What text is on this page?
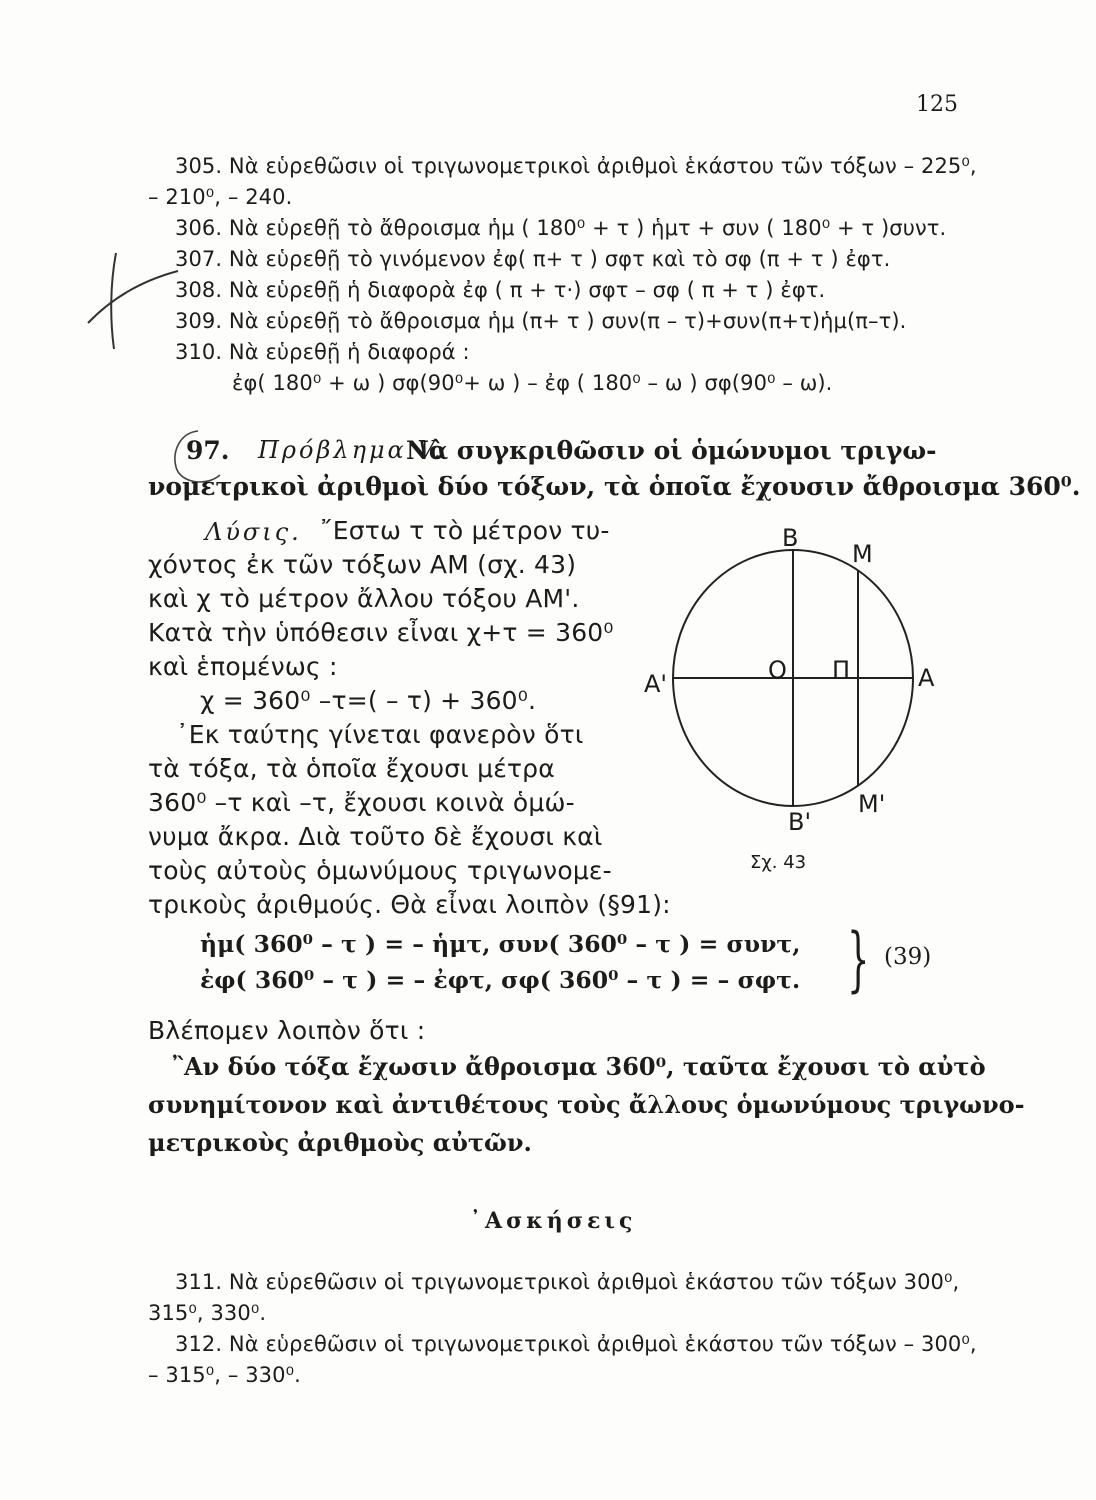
125
305. Νὰ εὑρεθῶσιν οἱ τριγωνομετρικοὶ ἀριθμοὶ ἑκάστου τῶν τόξων – 225⁰,
– 210⁰, – 240.
306. Νὰ εὑρεθῇ τὸ ἄθροισμα ἡμ ( 180⁰ + τ ) ἡμτ + συν ( 180⁰ + τ )συντ.
307. Νὰ εὑρεθῇ τὸ γινόμενον ἐφ( π+ τ ) σφτ καὶ τὸ σφ (π + τ ) ἐφτ.
308. Νὰ εὑρεθῇ ἡ διαφορὰ ἐφ ( π + τ·) σφτ – σφ ( π + τ ) ἐφτ.
309. Νὰ εὑρεθῇ τὸ ἄθροισμα ἡμ (π+ τ ) συν(π – τ)+συν(π+τ)ἡμ(π–τ).
310. Νὰ εὑρεθῇ ἡ διαφορά :
ἐφ( 180⁰ + ω ) σφ(90⁰+ ω ) – ἐφ ( 180⁰ – ω ) σφ(90⁰ – ω).
97. Πρόβλημα V.
Νὰ συγκριθῶσιν οἱ ὁμώνυμοι τριγω-
νομετρικοὶ ἀριθμοὶ δύο τόξων, τὰ ὁποῖα ἔχουσιν ἄθροισμα 360⁰.
Λύσις. ῎Εστω τ τὸ μέτρον τυ-
χόντος ἐκ τῶν τόξων ΑΜ (σχ. 43)
καὶ χ τὸ μέτρον ἄλλου τόξου ΑΜ'.
Κατὰ τὴν ὑπόθεσιν εἶναι χ+τ = 360⁰
καὶ ἑπομένως :
χ = 360⁰ –τ=( – τ) + 360⁰.
᾿Εκ ταύτης γίνεται φανερὸν ὅτι
τὰ τόξα, τὰ ὁποῖα ἔχουσι μέτρα
360⁰ –τ καὶ –τ, ἔχουσι κοινὰ ὁμώ-
νυμα ἄκρα. Διὰ τοῦτο δὲ ἔχουσι καὶ
τοὺς αὐτοὺς ὁμωνύμους τριγωνομε-
τρικοὺς ἀριθμούς. Θὰ εἶναι λοιπὸν (§91):
Β
Μ
Ο Π	Α
Α'
Β'
Μ'
Σχ. 43
ἡμ( 360⁰ – τ ) = – ἡμτ, συν( 360⁰ – τ ) = συντ,
ἐφ( 360⁰ – τ ) = – ἐφτ, σφ( 360⁰ – τ ) = – σφτ. } (39)
Βλέπομεν λοιπὸν ὅτι :
῍Αν δύο τόξα ἔχωσιν ἄθροισμα 360⁰, ταῦτα ἔχουσι τὸ αὐτὸ
συνημίτονον καὶ ἀντιθέτους τοὺς ἄλλους ὁμωνύμους τριγωνο-
μετρικοὺς ἀριθμοὺς αὐτῶν.
᾿Ασκήσεις
311. Νὰ εὑρεθῶσιν οἱ τριγωνομετρικοὶ ἀριθμοὶ ἑκάστου τῶν τόξων 300⁰,
315⁰, 330⁰.
312. Νὰ εὑρεθῶσιν οἱ τριγωνομετρικοὶ ἀριθμοὶ ἑκάστου τῶν τόξων – 300⁰,
– 315⁰, – 330⁰.
